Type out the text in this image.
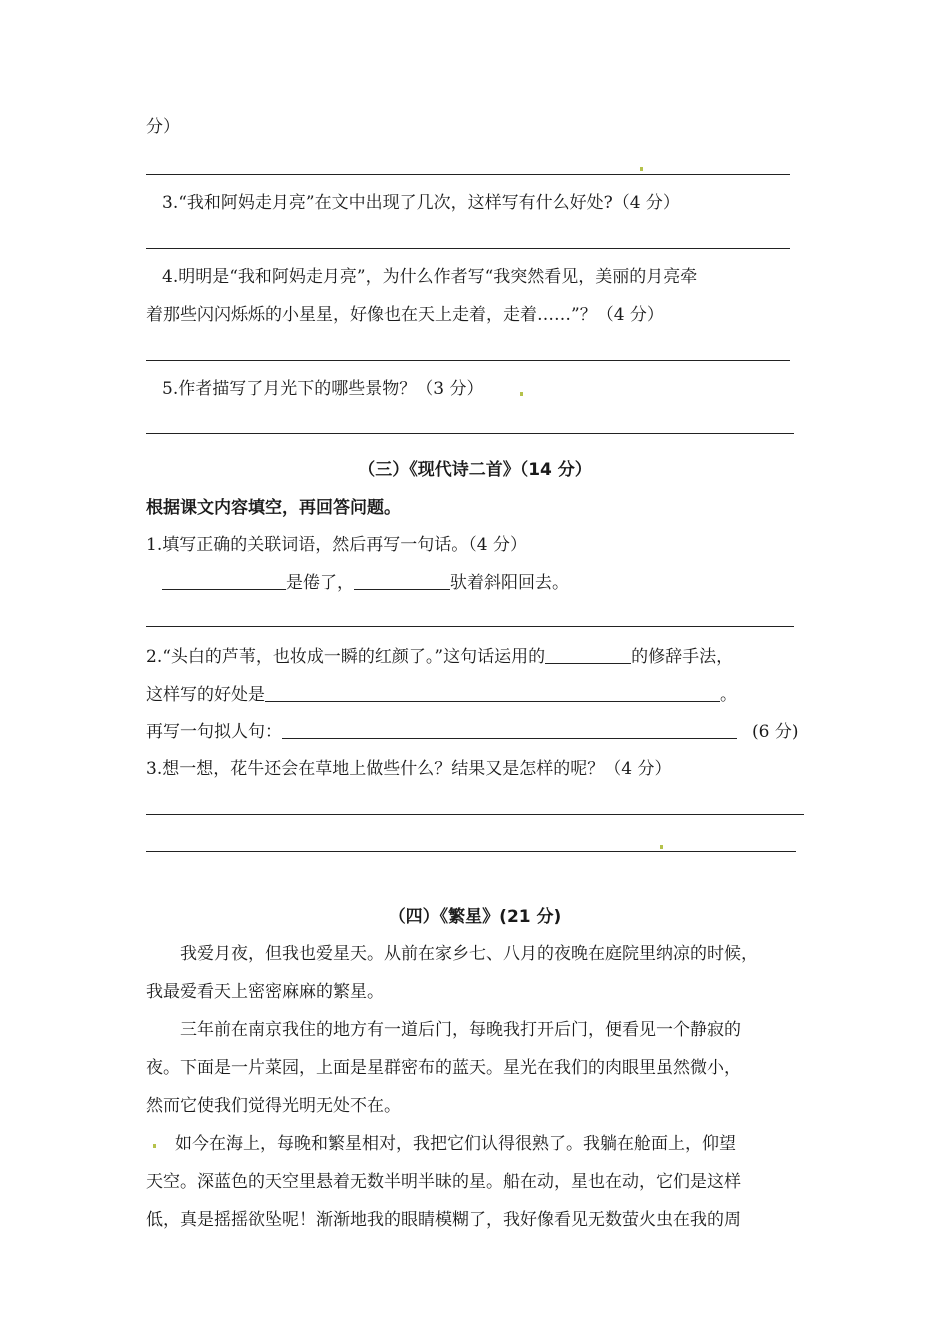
分）
3.“我和阿妈走月亮”在文中出现了几次，这样写有什么好处?（4 分）
4.明明是“我和阿妈走月亮”，为什么作者写“我突然看见，美丽的月亮牵
着那些闪闪烁烁的小星星，好像也在天上走着，走着……”？（4 分）
5.作者描写了月光下的哪些景物？（3 分）
（三）《现代诗二首》（14 分）
根据课文内容填空，再回答问题。
1.填写正确的关联词语，然后再写一句话。（4 分）
是倦了，	驮着斜阳回去。
2.“头白的芦苇，也妆成一瞬的红颜了。”这句话运用的	的修辞手法，
这样写的好处是	。
再写一句拟人句：	(6 分)
3.想一想，花牛还会在草地上做些什么？结果又是怎样的呢？（4 分）
（四）《繁星》(21 分)
我爱月夜，但我也爱星天。从前在家乡七、八月的夜晚在庭院里纳凉的时候，
我最爱看天上密密麻麻的繁星。
三年前在南京我住的地方有一道后门，每晚我打开后门，便看见一个静寂的
夜。下面是一片菜园，上面是星群密布的蓝天。星光在我们的肉眼里虽然微小，
然而它使我们觉得光明无处不在。
如今在海上，每晚和繁星相对，我把它们认得很熟了。我躺在舱面上，仰望
天空。深蓝色的天空里悬着无数半明半昧的星。船在动，星也在动，它们是这样
低，真是摇摇欲坠呢！渐渐地我的眼睛模糊了，我好像看见无数萤火虫在我的周
